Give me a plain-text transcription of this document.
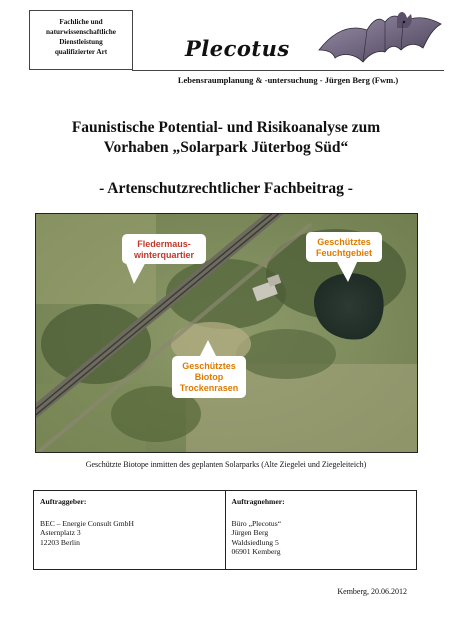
Fachliche und
naturwissenschaftliche
Dienstleistung
qualifizierter Art	Plecotus
Lebensraumplanung & -untersuchung - Jürgen Berg (Fwm.)
Faunistische Potential- und Risikoanalyse zum
Vorhaben „Solarpark Jüterbog Süd“
- Artenschutzrechtlicher Fachbeitrag -
Fledermaus-
winterquartier
Geschütztes
Feuchtgebiet
Geschütztes
Biotop
Trockenrasen
Geschützte Biotope inmitten des geplanten Solarparks (Alte Ziegelei und Ziegeleiteich)
Auftraggeber:
BEC – Energie Consult GmbH
Asternplatz 3
12203 Berlin
Auftragnehmer:
Büro „Plecotus“
Jürgen Berg
Waldsiedlung 5
06901 Kemberg
Kemberg, 20.06.2012
